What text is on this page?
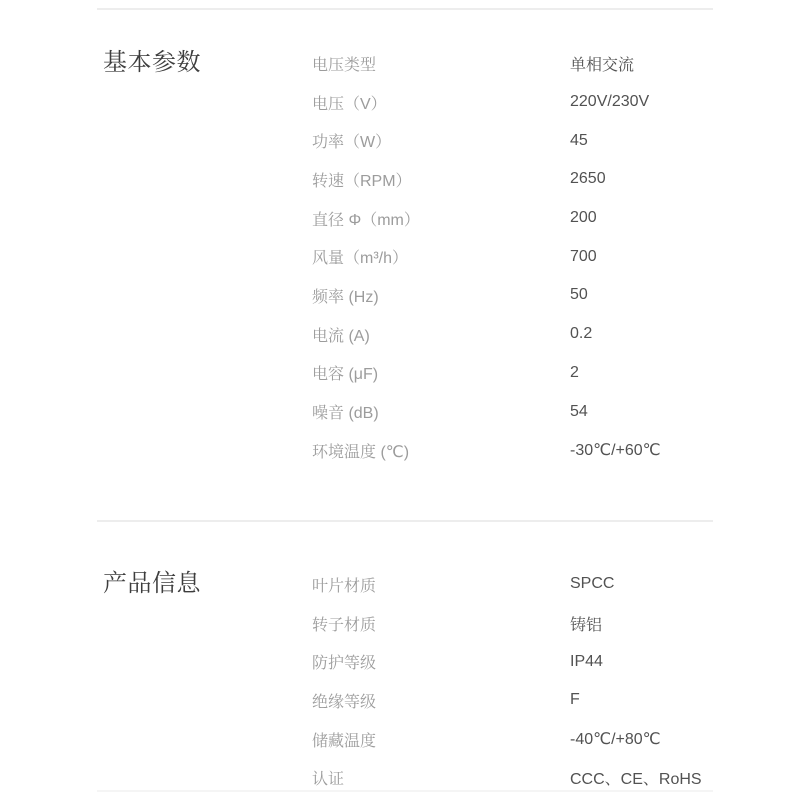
基本参数	电压类型	单相交流
电压（V）	220V/230V
功率（W）	45
转速（RPM）	2650
直径 Φ（mm）	200
风量（m³/h）	700
频率 (Hz)	50
电流 (A)	0.2
电容 (μF)	2
噪音 (dB)	54
环境温度 (℃)	-30℃/+60℃
产品信息	叶片材质	SPCC
转子材质	铸铝
防护等级	IP44
绝缘等级	F
储藏温度	-40℃/+80℃
认证	CCC、CE、RoHS
